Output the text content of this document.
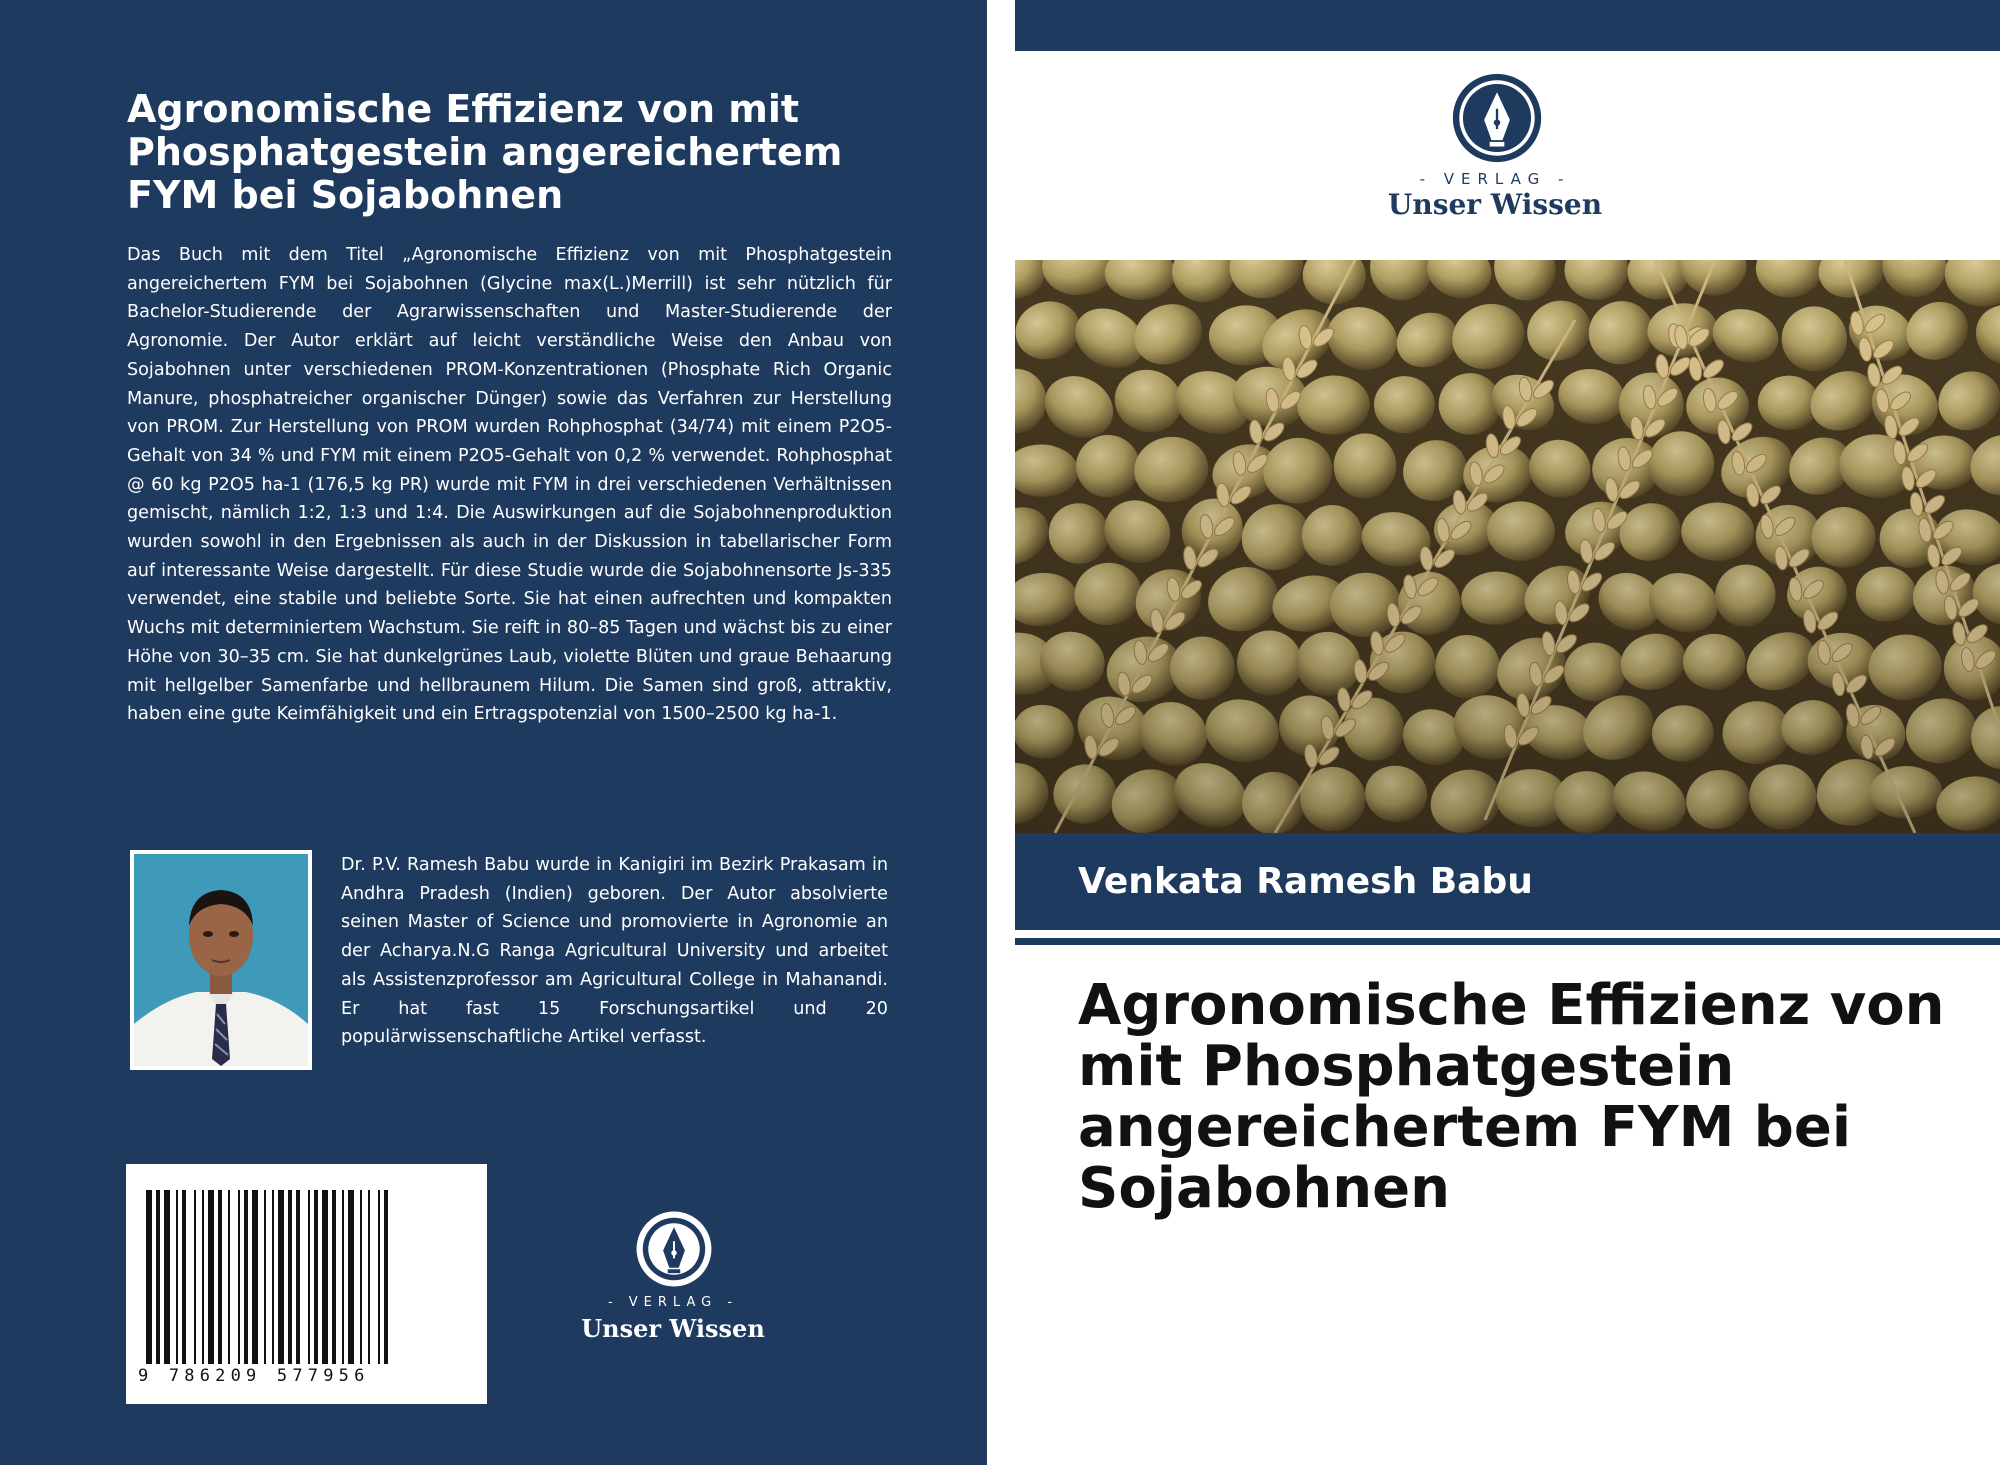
Agronomische Effizienz von mit Phosphatgestein angereichertem FYM bei Sojabohnen
Das Buch mit dem Titel „Agronomische Effizienz von mit Phosphatgestein angereichertem FYM bei Sojabohnen (Glycine max(L.)Merrill) ist sehr nützlich für Bachelor-Studierende der Agrarwissenschaften und Master-Studierende der Agronomie. Der Autor erklärt auf leicht verständliche Weise den Anbau von Sojabohnen unter verschiedenen PROM-Konzentrationen (Phosphate Rich Organic Manure, phosphatreicher organischer Dünger) sowie das Verfahren zur Herstellung von PROM. Zur Herstellung von PROM wurden Rohphosphat (34/74) mit einem P2O5-Gehalt von 34 % und FYM mit einem P2O5-Gehalt von 0,2 % verwendet. Rohphosphat @ 60 kg P2O5 ha-1 (176,5 kg PR) wurde mit FYM in drei verschiedenen Verhältnissen gemischt, nämlich 1:2, 1:3 und 1:4. Die Auswirkungen auf die Sojabohnenproduktion wurden sowohl in den Ergebnissen als auch in der Diskussion in tabellarischer Form auf interessante Weise dargestellt. Für diese Studie wurde die Sojabohnensorte Js-335 verwendet, eine stabile und beliebte Sorte. Sie hat einen aufrechten und kompakten Wuchs mit determiniertem Wachstum. Sie reift in 80–85 Tagen und wächst bis zu einer Höhe von 30–35 cm. Sie hat dunkelgrünes Laub, violette Blüten und graue Behaarung mit hellgelber Samenfarbe und hellbraunem Hilum. Die Samen sind groß, attraktiv, haben eine gute Keimfähigkeit und ein Ertragspotenzial von 1500–2500 kg ha-1.
Dr. P.V. Ramesh Babu wurde in Kanigiri im Bezirk Prakasam in Andhra Pradesh (Indien) geboren. Der Autor absolvierte seinen Master of Science und promovierte in Agronomie an der Acharya.N.G Ranga Agricultural University und arbeitet als Assistenzprofessor am Agricultural College in Mahanandi. Er hat fast 15 Forschungsartikel und 20 populärwissenschaftliche Artikel verfasst.
9 786209 577956
- VERLAG -
Unser Wissen
- VERLAG -
Unser Wissen
Venkata Ramesh Babu
Agronomische Effizienz von mit Phosphatgestein angereichertem FYM bei Sojabohnen
